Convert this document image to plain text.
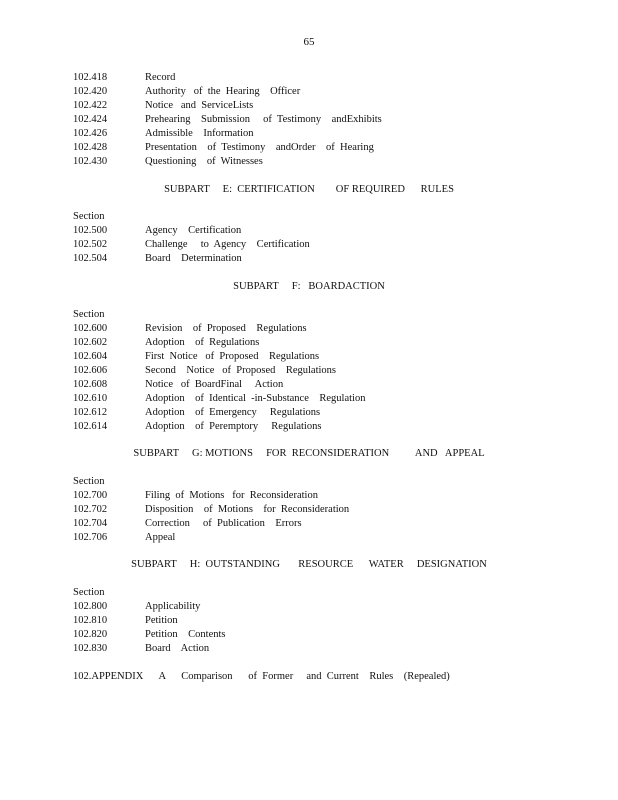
65
102.418	Record
102.420	Authority   of  the  Hearing    Officer
102.422	Notice   and  ServiceLists
102.424	Prehearing    Submission     of  Testimony    andExhibits
102.426	Admissible    Information
102.428	Presentation    of  Testimony    andOrder    of  Hearing
102.430	Questioning    of  Witnesses
SUBPART     E:  CERTIFICATION        OF REQUIRED      RULES
Section
102.500	Agency    Certification
102.502	Challenge     to  Agency    Certification
102.504	Board    Determination
SUBPART     F:   BOARDACTION
Section
102.600	Revision    of  Proposed    Regulations
102.602	Adoption    of  Regulations
102.604	First  Notice   of  Proposed    Regulations
102.606	Second    Notice   of  Proposed    Regulations
102.608	Notice   of  BoardFinal     Action
102.610	Adoption    of  Identical  -in-Substance    Regulation
102.612	Adoption    of  Emergency     Regulations
102.614	Adoption    of  Peremptory     Regulations
SUBPART     G: MOTIONS     FOR  RECONSIDERATION          AND   APPEAL
Section
102.700	Filing  of  Motions   for  Reconsideration
102.702	Disposition    of  Motions    for  Reconsideration
102.704	Correction     of  Publication    Errors
102.706	Appeal
SUBPART     H:  OUTSTANDING       RESOURCE      WATER     DESIGNATION
Section
102.800	Applicability
102.810	Petition
102.820	Petition    Contents
102.830	Board    Action
102.APPENDIX      A      Comparison      of  Former     and  Current    Rules    (Repealed)
